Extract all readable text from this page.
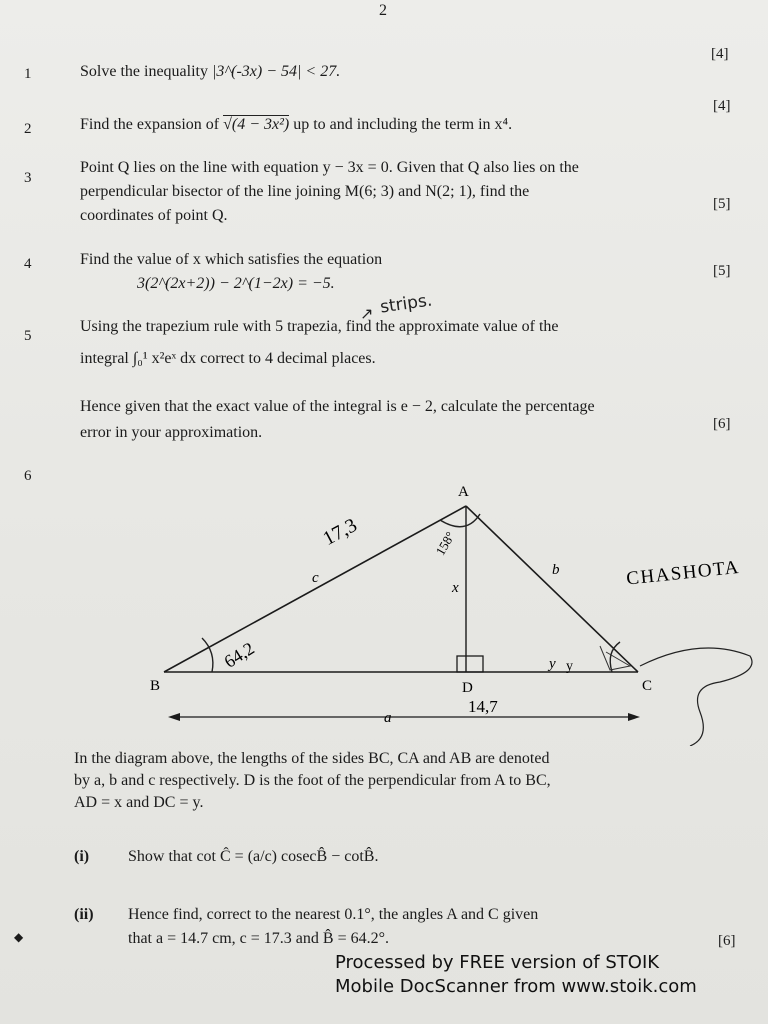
2
1	Solve the inequality |3^(-3x) − 54| < 27.
[4]
2	Find the expansion of √(4 − 3x²) up to and including the term in x⁴.
[4]
3
Point Q lies on the line with equation y − 3x = 0. Given that Q also lies on the
perpendicular bisector of the line joining M(6; 3) and N(2; 1), find the
coordinates of point Q.
[5]
4	Find the value of x which satisfies the equation
3(2^(2x+2)) − 2^(1−2x) = −5.
[5]
5
Using the trapezium rule with 5 trapezia, find the approximate value of the
integral ∫₀¹ x²eˣ dx correct to 4 decimal places.
Hence given that the exact value of the integral is e − 2, calculate the percentage
error in your approximation.	[6]
6
A
B	C
D
c	b
x
y
a
17,3	158°
64,2
14,7
y
CHASHOTA
strips.
↗
In the diagram above, the lengths of the sides BC, CA and AB are denoted
by a, b and c respectively. D is the foot of the perpendicular from A to BC,
AD = x and DC = y.
(i) Show that cot Ĉ = (a/c) cosecB̂ − cotB̂.
(ii) Hence find, correct to the nearest 0.1°, the angles A and C given
that a = 14.7 cm, c = 17.3 and B̂ = 64.2°.	[6]
◆
Processed by FREE version of STOIK
Mobile DocScanner from www.stoik.com
